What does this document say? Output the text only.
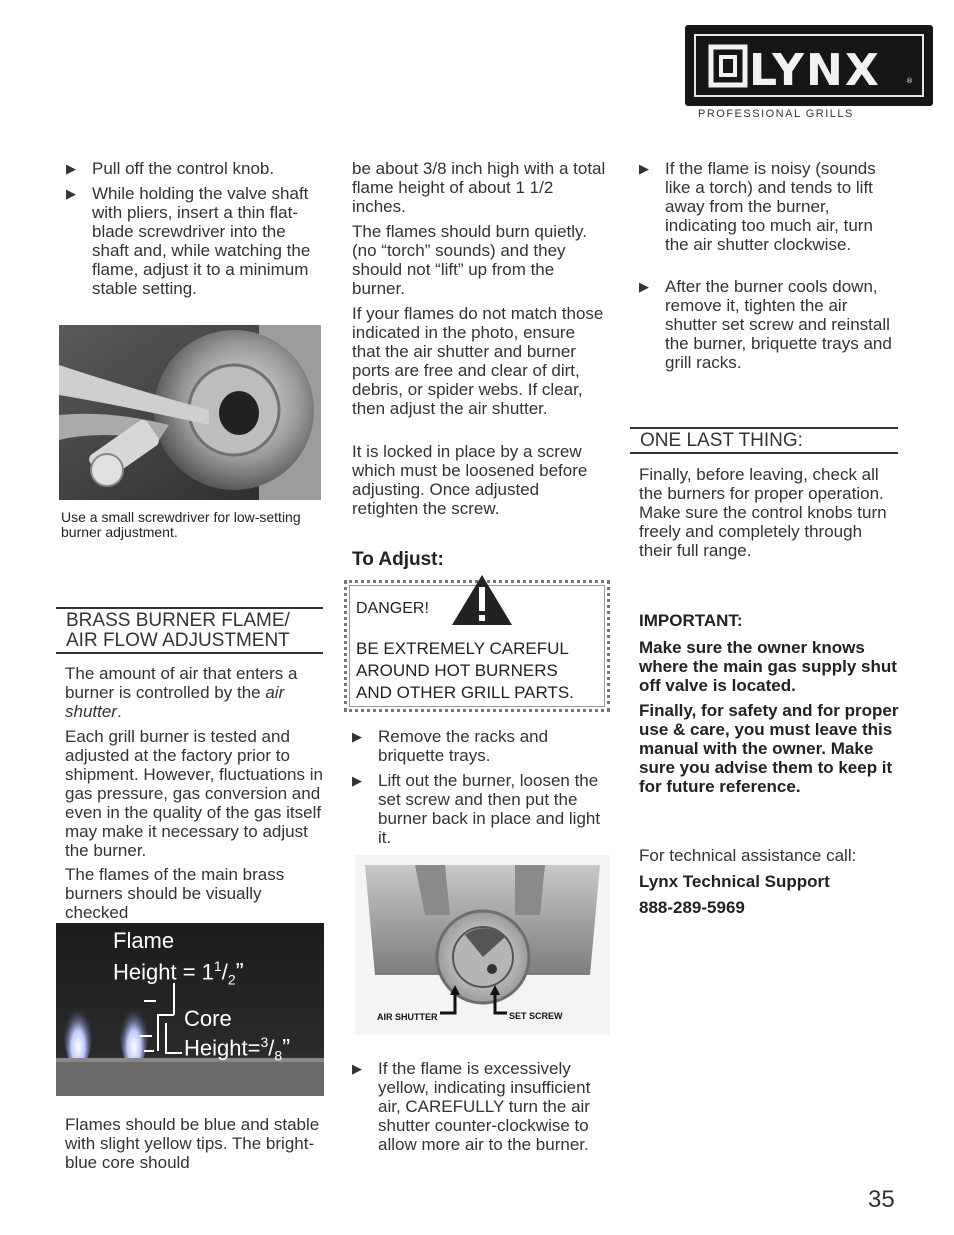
LYNX	®
PROFESSIONAL GRILLS
▶ Pull off the control knob.
▶ While holding the valve shaft with pliers, insert a thin flat-blade screwdriver into the shaft and, while watching the flame, adjust it to a minimum stable setting.
Use a small screwdriver for low-setting burner adjustment.
BRASS BURNER FLAME/
AIR FLOW ADJUSTMENT
The amount of air that enters a burner is controlled by the air shutter.
Each grill burner is tested and adjusted at the factory prior to shipment. However, fluctuations in gas pressure, gas conversion and even in the quality of the gas itself may make it necessary to adjust the burner.
The flames of the main brass burners should be visually checked
Flame
Height = $1^1/_2$”
Core
$Height=^3/_8$”
Flames should be blue and stable with slight yellow tips. The bright-blue core should
be about 3/8 inch high with a total flame height of about 1 1/2 inches.
The flames should burn quietly. (no “torch” sounds) and they should not “lift” up from the burner.
If your flames do not match those indicated in the photo, ensure that the air shutter and burner ports are free and clear of dirt, debris, or spider webs. If clear, then adjust the air shutter.
It is locked in place by a screw which must be loosened before adjusting. Once adjusted retighten the screw.
To Adjust:
DANGER!
BE EXTREMELY CAREFUL AROUND HOT BURNERS AND OTHER GRILL PARTS.
▶ Remove the racks and briquette trays.
▶ Lift out the burner, loosen the set screw and then put the burner back in place and light it.
AIR SHUTTER	SET SCREW
▶ If the flame is excessively yellow, indicating insufficient air, CAREFULLY turn the air shutter counter-clockwise to allow more air to the burner.
▶ If the flame is noisy (sounds like a torch) and tends to lift away from the burner, indicating too much air, turn the air shutter clockwise.
▶ After the burner cools down, remove it, tighten the air shutter set screw and reinstall the burner, briquette trays and grill racks.
ONE LAST THING:
Finally, before leaving, check all the burners for proper operation. Make sure the control knobs turn freely and completely through their full range.
IMPORTANT:
Make sure the owner knows where the main gas supply shut off valve is located.
Finally, for safety and for proper use & care, you must leave this manual with the owner. Make sure you advise them to keep it for future reference.
For technical assistance call:
Lynx Technical Support
888-289-5969
35
